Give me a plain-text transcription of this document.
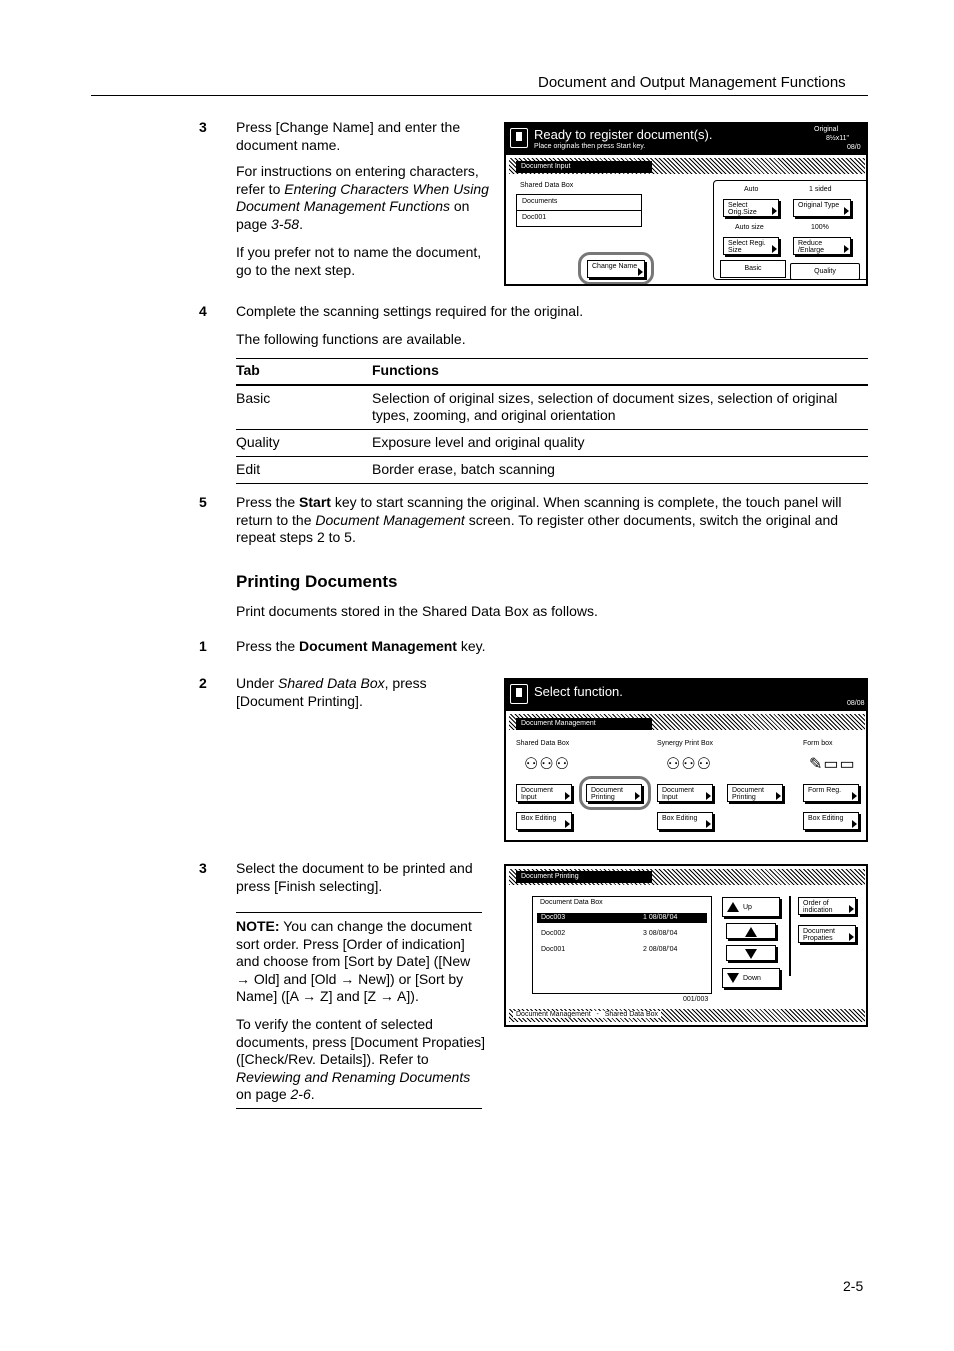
Document and Output Management Functions
3 Press [Change Name] and enter the document name.
For instructions on entering characters, refer to Entering Characters When Using Document Management Functions on page 3-58.
If you prefer not to name the document, go to the next step.
Ready to register document(s).
Place originals then press Start key.
Original
8½x11"
08/0
Document Input
Shared Data Box
Documents
Doc001
Auto	1 sided
Select Orig.Size
Original Type
Auto size	100%
Select Regi. Size
Reduce /Enlarge
Change Name	Basic	Quality
4 Complete the scanning settings required for the original.
The following functions are available.
Tab	Functions
Basic	Selection of original sizes, selection of document sizes, selection of original types, zooming, and original orientation
Quality	Exposure level and original quality
Edit	Border erase, batch scanning
5 Press the Start key to start scanning the original. When scanning is complete, the touch panel will return to the Document Management screen. To register other documents, switch the original and repeat steps 2 to 5.
Printing Documents
Print documents stored in the Shared Data Box as follows.
1 Press the Document Management key.
2 Under Shared Data Box, press [Document Printing].
Select function.
08/08
Document Management
Shared Data Box	Synergy Print Box	Form box
⚇⚇⚇	⚇⚇⚇	✎▭▭
Document Input
Document Printing
Document Input
Document Printing
Form Reg.
Box Editing	Box Editing	Box Editing
3 Select the document to be printed and press [Finish selecting].
NOTE: You can change the document sort order. Press [Order of indication] and choose from [Sort by Date] ([New → Old] and [Old → New]) or [Sort by Name] ([A → Z] and [Z → A]).
To verify the content of selected documents, press [Document Propaties] ([Check/Rev. Details]). Refer to Reviewing and Renaming Documents on page 2-6.
Document Printing
Document Data Box
Doc003	1 08/08/'04
Doc002	3 08/08/'04
Doc001	2 08/08/'04
001/003
Up
Down
Order of indication
Document Propaties
Document Management   -   Shared Data Box
2-5
